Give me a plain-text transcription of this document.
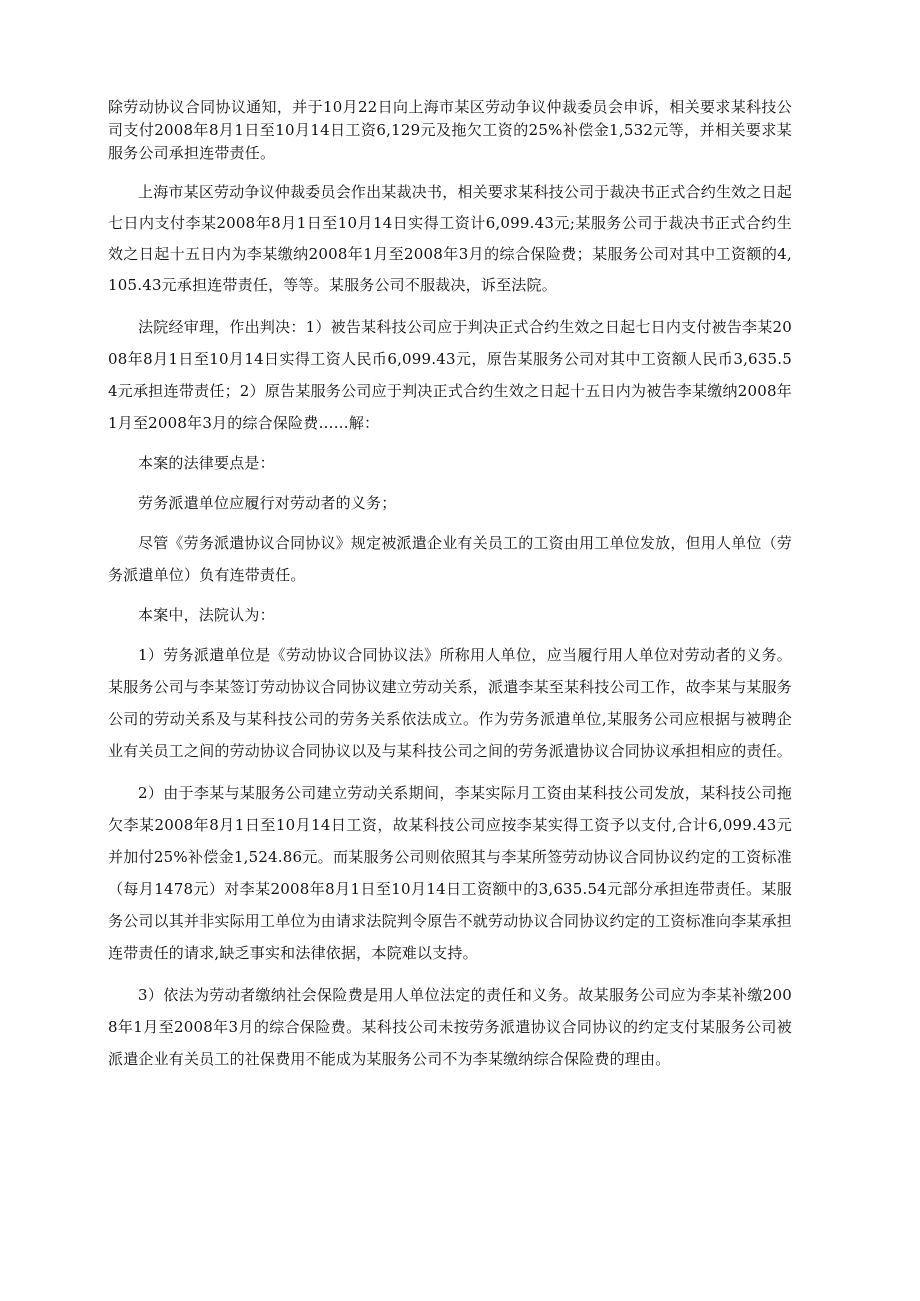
除劳动协议合同协议通知，并于10月22日向上海市某区劳动争议仲裁委员会申诉，相关要求某科技公司支付2008年8月1日至10月14日工资6,129元及拖欠工资的25%补偿金1,532元等，并相关要求某服务公司承担连带责任。

上海市某区劳动争议仲裁委员会作出某裁决书，相关要求某科技公司于裁决书正式合约生效之日起七日内支付李某2008年8月1日至10月14日实得工资计6,099.43元;某服务公司于裁决书正式合约生效之日起十五日内为李某缴纳2008年1月至2008年3月的综合保险费；某服务公司对其中工资额的4,105.43元承担连带责任，等等。某服务公司不服裁决，诉至法院。

法院经审理，作出判决：1）被告某科技公司应于判决正式合约生效之日起七日内支付被告李某2008年8月1日至10月14日实得工资人民币6,099.43元，原告某服务公司对其中工资额人民币3,635.54元承担连带责任；2）原告某服务公司应于判决正式合约生效之日起十五日内为被告李某缴纳2008年1月至2008年3月的综合保险费……解：

本案的法律要点是：

劳务派遣单位应履行对劳动者的义务；

尽管《劳务派遣协议合同协议》规定被派遣企业有关员工的工资由用工单位发放，但用人单位（劳务派遣单位）负有连带责任。

本案中，法院认为：

1）劳务派遣单位是《劳动协议合同协议法》所称用人单位，应当履行用人单位对劳动者的义务。某服务公司与李某签订劳动协议合同协议建立劳动关系，派遣李某至某科技公司工作，故李某与某服务公司的劳动关系及与某科技公司的劳务关系依法成立。作为劳务派遣单位,某服务公司应根据与被聘企业有关员工之间的劳动协议合同协议以及与某科技公司之间的劳务派遣协议合同协议承担相应的责任。

2）由于李某与某服务公司建立劳动关系期间，李某实际月工资由某科技公司发放，某科技公司拖欠李某2008年8月1日至10月14日工资，故某科技公司应按李某实得工资予以支付,合计6,099.43元并加付25%补偿金1,524.86元。而某服务公司则依照其与李某所签劳动协议合同协议约定的工资标准（每月1478元）对李某2008年8月1日至10月14日工资额中的3,635.54元部分承担连带责任。某服务公司以其并非实际用工单位为由请求法院判令原告不就劳动协议合同协议约定的工资标准向李某承担连带责任的请求,缺乏事实和法律依据，本院难以支持。

3）依法为劳动者缴纳社会保险费是用人单位法定的责任和义务。故某服务公司应为李某补缴2008年1月至2008年3月的综合保险费。某科技公司未按劳务派遣协议合同协议的约定支付某服务公司被派遣企业有关员工的社保费用不能成为某服务公司不为李某缴纳综合保险费的理由。
